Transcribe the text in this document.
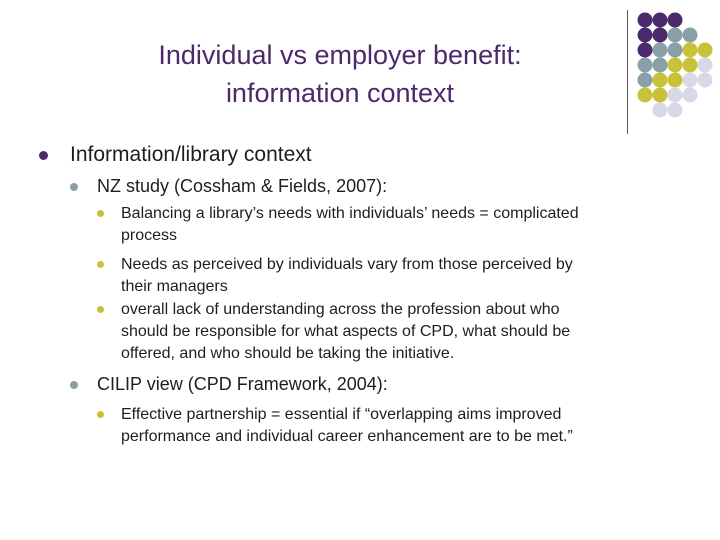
Individual vs employer benefit:
information context
Information/library context
NZ study (Cossham & Fields, 2007):
Balancing a library’s needs with individuals’ needs = complicated
process
Needs as perceived by individuals vary from those perceived by
their managers
overall lack of understanding across the profession about who
should be responsible for what aspects of CPD, what should be
offered, and who should be taking the initiative.
CILIP view (CPD Framework, 2004):
Effective partnership = essential if “overlapping aims improved
performance and individual career enhancement are to be met.”
